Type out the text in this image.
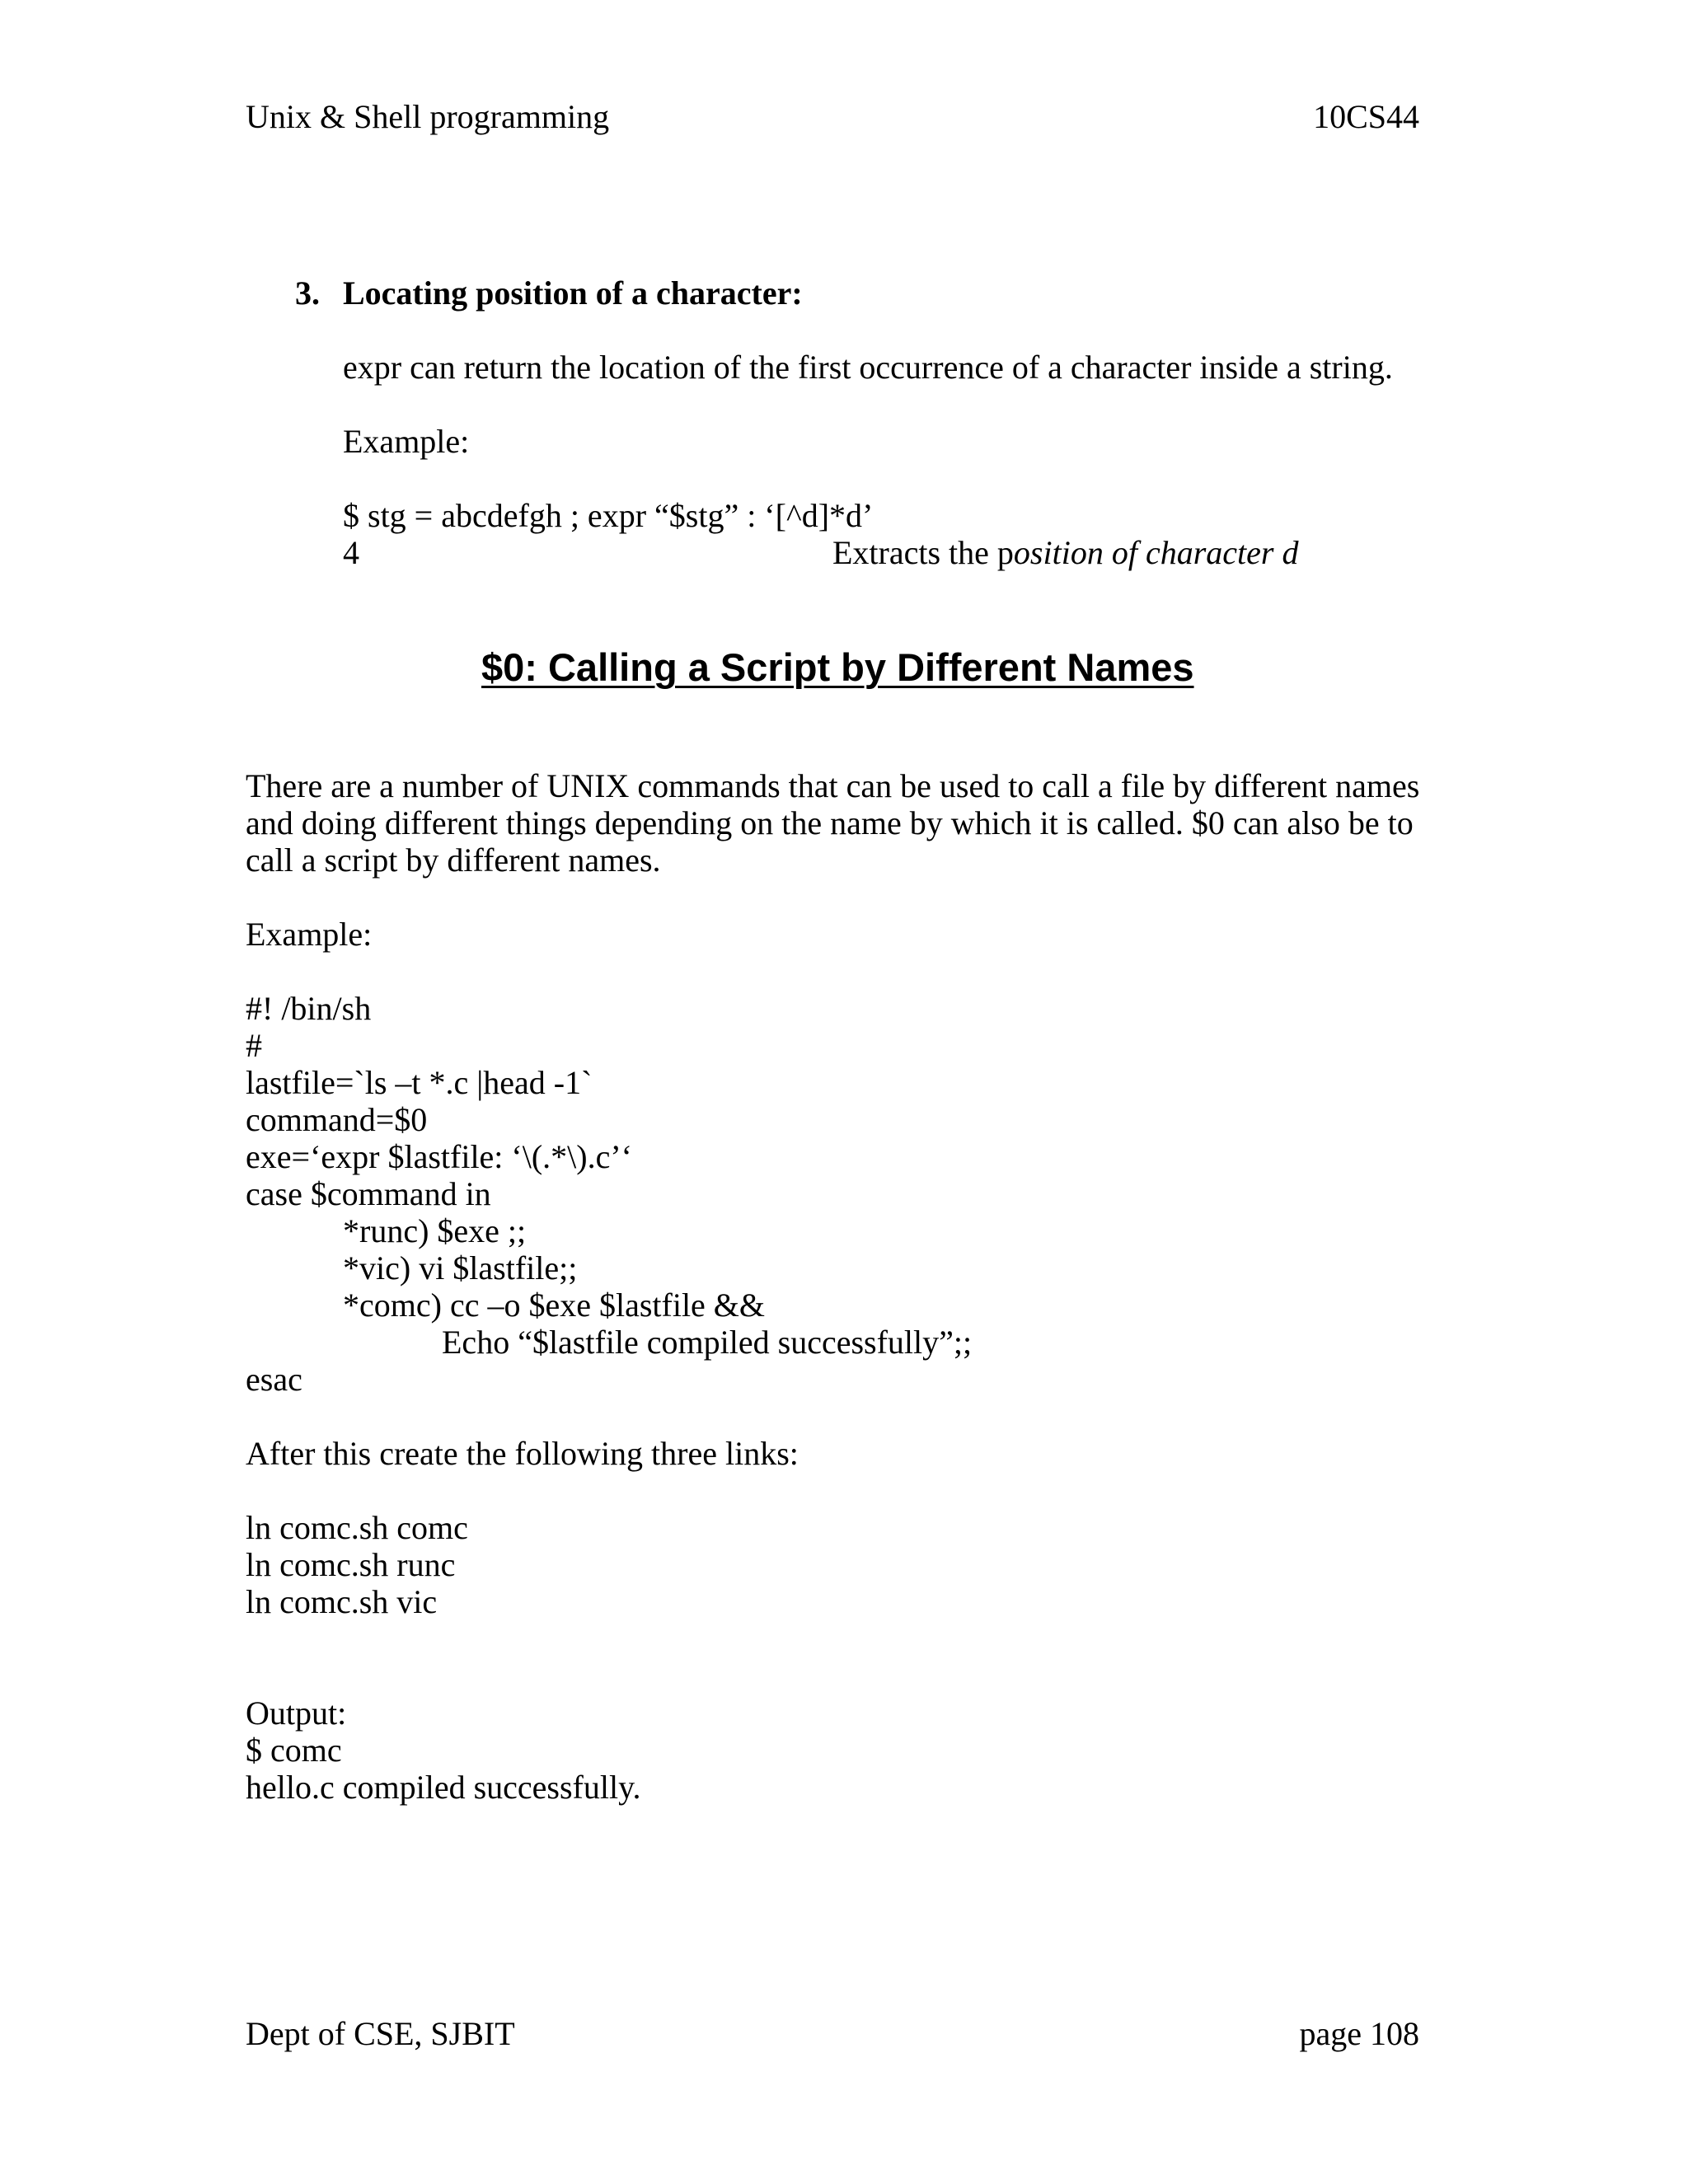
Unix & Shell programming	10CS44
3. Locating position of a character:
expr can return the location of the first occurrence of a character inside a string.
Example:
$ stg = abcdefgh ; expr “$stg” : ‘[^d]*d’
4	Extracts the position of character d
$0: Calling a Script by Different Names
There are a number of UNIX commands that can be used to call a file by different names
and doing different things depending on the name by which it is called. $0 can also be to
call a script by different names.
Example:
#! /bin/sh
#
lastfile=`ls –t *.c |head -1`
command=$0
exe=‘expr $lastfile: ‘\(.*\).c’‘
case $command in
*runc) $exe ;;
*vic) vi $lastfile;;
*comc) cc –o $exe $lastfile &&
Echo “$lastfile compiled successfully”;;
esac
After this create the following three links:
ln comc.sh comc
ln comc.sh runc
ln comc.sh vic
Output:
$ comc
hello.c compiled successfully.
Dept of CSE, SJBIT	page 108
